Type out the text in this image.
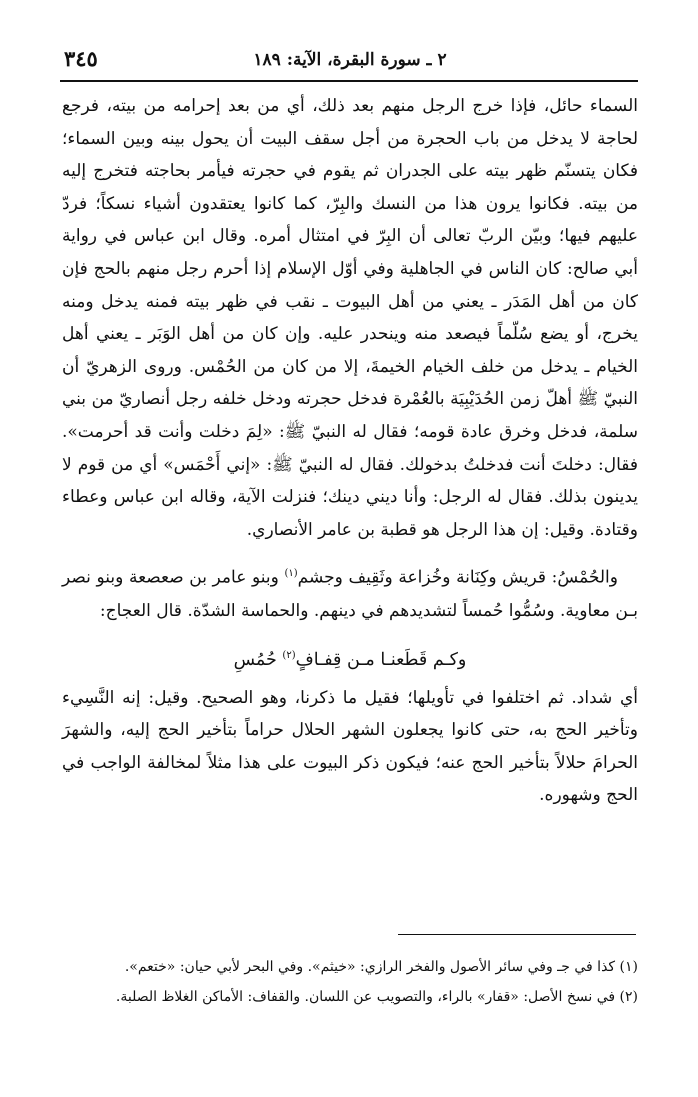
٢ ـ سورة البقرة، الآية: ١٨٩
٣٤٥

السماء حائل، فإذا خرج الرجل منهم بعد ذلك، أي من بعد إحرامه من بيته، فرجع لحاجة لا يدخل من باب الحجرة من أجل سقف البيت أن يحول بينه وبين السماء؛ فكان يتسنّم ظهر بيته على الجدران ثم يقوم في حجرته فيأمر بحاجته فتخرج إليه من بيته. فكانوا يرون هذا من النسك والبِرّ، كما كانوا يعتقدون أشياء نسكاً؛ فردّ عليهم فيها؛ وبيّن الربّ تعالى أن البِرّ في امتثال أمره. وقال ابن عباس في رواية أبي صالح: كان الناس في الجاهلية وفي أوّل الإسلام إذا أحرم رجل منهم بالحج فإن كان من أهل المَدَر ـ يعني من أهل البيوت ـ نقب في ظهر بيته فمنه يدخل ومنه يخرج، أو يضع سُلّماً فيصعد منه وينحدر عليه. وإن كان من أهل الوَبَر ـ يعني أهل الخيام ـ يدخل من خلف الخيام الخيمةَ، إلا من كان من الحُمْس. وروى الزهريّ أن النبيّ ﷺ أهلّ زمن الحُدَيْبِيَة بالعُمْرة فدخل حجرته ودخل خلفه رجل أنصاريّ من بني سلمة، فدخل وخرق عادة قومه؛ فقال له النبيّ ﷺ: «لِمَ دخلت وأنت قد أحرمت». فقال: دخلتَ أنت فدخلتُ بدخولك. فقال له النبيّ ﷺ: «إني أَحْمَس» أي من قوم لا يدينون بذلك. فقال له الرجل: وأنا ديني دينك؛ فنزلت الآية، وقاله ابن عباس وعطاء وقتادة. وقيل: إن هذا الرجل هو قطبة بن عامر الأنصاري.

والحُمْسُ: قريش وكِنَانة وخُزاعة وثَقِيف وجشم$^{(١)}$ وبنو عامر بن صعصعة وبنو نصر بـن معاوية. وسُمُّوا حُمساً لتشديدهم في دينهم. والحماسة الشدّة. قال العجاج:

وكـم قَطَعنـا مـن قِفـافٍ$^{(٢)}$ حُمُسِ

أي شداد. ثم اختلفوا في تأويلها؛ فقيل ما ذكرنا، وهو الصحيح. وقيل: إنه النَّسِيء وتأخير الحج به، حتى كانوا يجعلون الشهر الحلال حراماً بتأخير الحج إليه، والشهرَ الحرامَ حلالاً بتأخير الحج عنه؛ فيكون ذكر البيوت على هذا مثلاً لمخالفة الواجب في الحج وشهوره.

(١) كذا في جـ وفي سائر الأصول والفخر الرازي: «خيثم». وفي البحر لأبي حيان: «ختعم».

(٢) في نسخ الأصل: «قفار» بالراء، والتصويب عن اللسان. والقفاف: الأماكن الغلاظ الصلبة.
